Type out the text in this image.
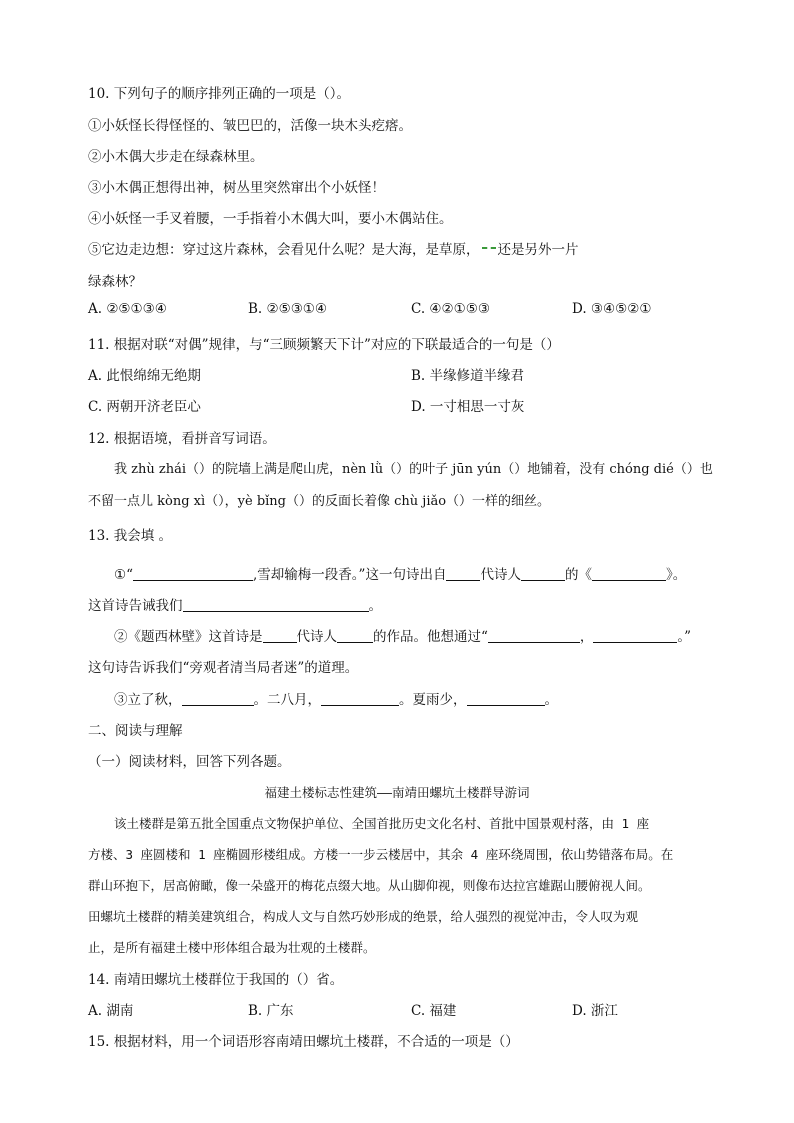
10. 下列句子的顺序排列正确的一项是（）。
①小妖怪长得怪怪的、皱巴巴的，活像一块木头疙瘩。
②小木偶大步走在绿森林里。
③小木偶正想得出神，树丛里突然窜出个小妖怪！
④小妖怪一手叉着腰，一手指着小木偶大叫，要小木偶站住。
⑤它边走边想：穿过这片森林，会看见什么呢？是大海，是草原， 还是另外一片
绿森林？
A. ②⑤①③④	B. ②⑤③①④	C. ④②①⑤③	D. ③④⑤②①
11. 根据对联“对偶”规律，与“三顾频繁天下计”对应的下联最适合的一句是（）
A. 此恨绵绵无绝期	B. 半缘修道半缘君
C. 两朝开济老臣心	D. 一寸相思一寸灰
12. 根据语境，看拼音写词语。
我 zhù zhái（）的院墙上满是爬山虎，nèn lǜ（）的叶子 jūn yún（）地铺着，没有 chóng dié（）也
不留一点儿 kòng xì（），yè bǐng（）的反面长着像 chù jiǎo（）一样的细丝。
13. 我会填 。
①“	,雪却输梅一段香。”这一句诗出自	代诗人	的《	》。
这首诗告诫我们	。
②《题西林壁》这首诗是	代诗人	的作品。他想通过“	，	。”
这句诗告诉我们“旁观者清当局者迷”的道理。
③立了秋，	。二八月，	。夏雨少，	。
二、阅读与理解
（一）阅读材料，回答下列各题。
福建土楼标志性建筑——南靖田螺坑土楼群导游词
该土楼群是第五批全国重点文物保护单位、全国首批历史文化名村、首批中国景观村落，由 1 座
方楼、3 座圆楼和 1 座椭圆形楼组成。方楼一一步云楼居中，其余 4 座环绕周围，依山势错落布局。在
群山环抱下，居高俯瞰，像一朵盛开的梅花点缀大地。从山脚仰视，则像布达拉宫雄踞山腰俯视人间。
田螺坑土楼群的精美建筑组合，构成人文与自然巧妙形成的绝景，给人强烈的视觉冲击，令人叹为观
止，是所有福建土楼中形体组合最为壮观的土楼群。
14. 南靖田螺坑土楼群位于我国的（）省。
A. 湖南	B. 广东	C. 福建	D. 浙江
15. 根据材料，用一个词语形容南靖田螺坑土楼群，不合适的一项是（）
